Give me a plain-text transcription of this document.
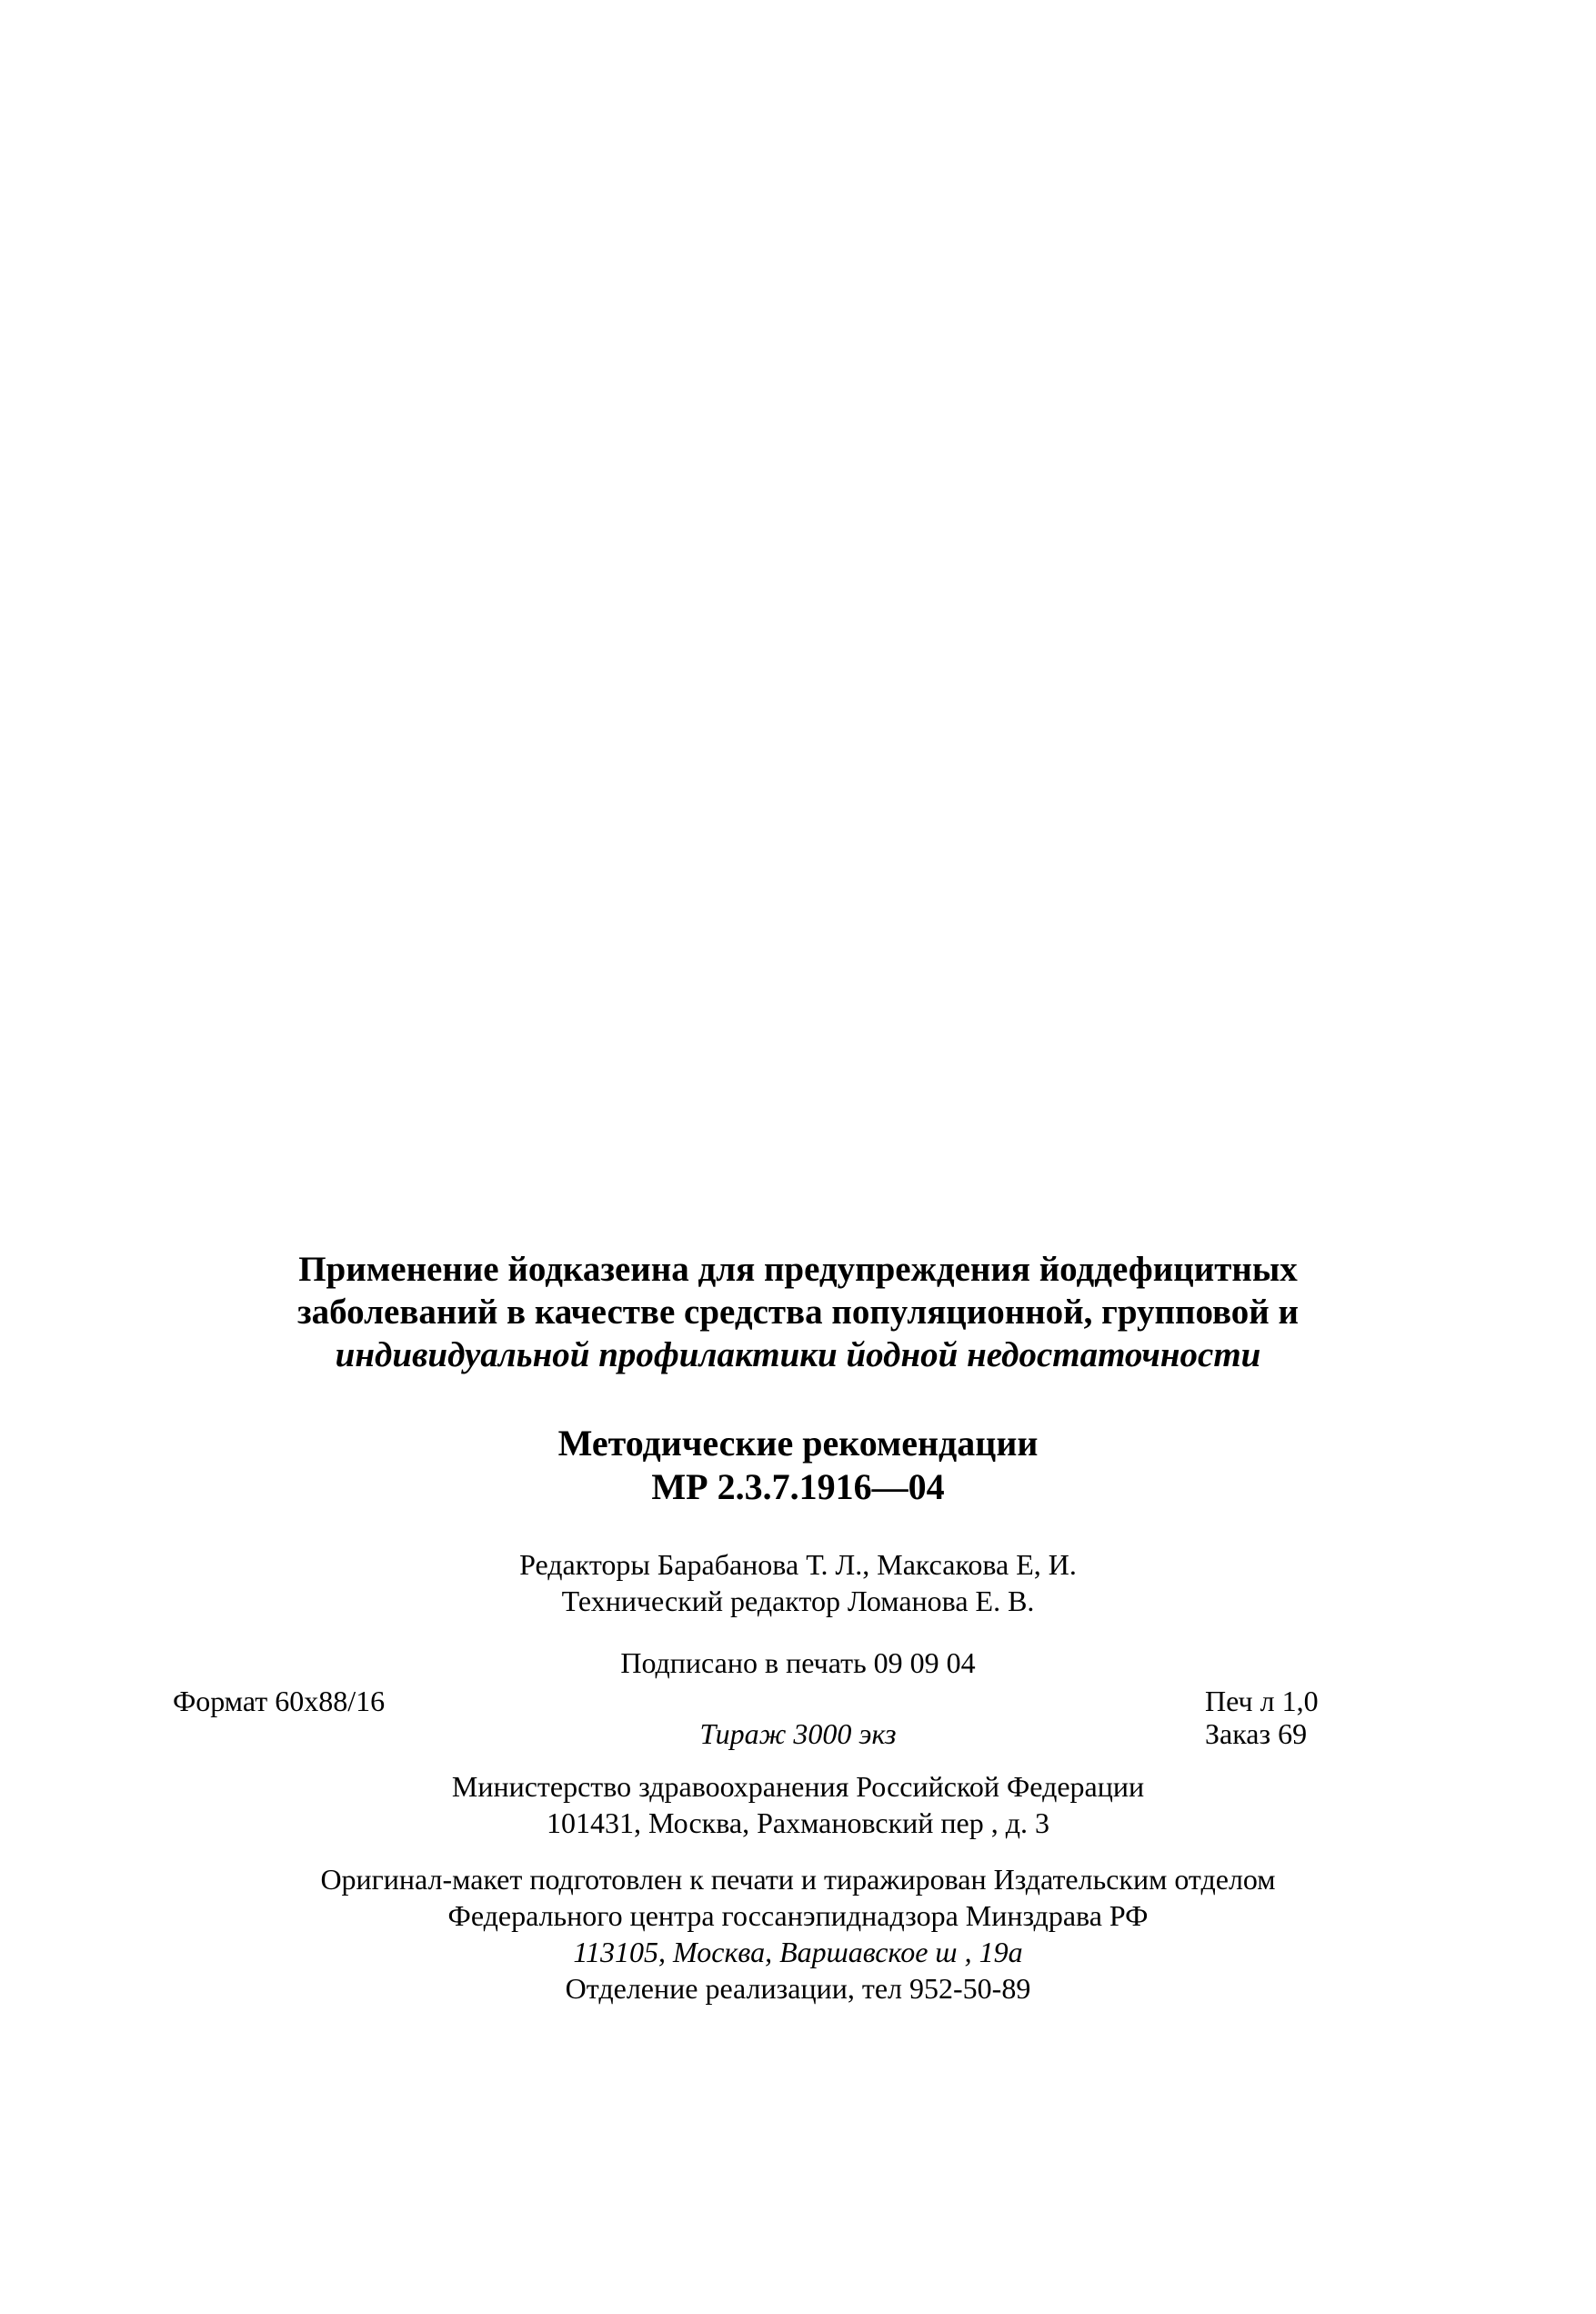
Применение йодказеина для предупреждения йоддефицитных
заболеваний в качестве средства популяционной, групповой и
индивидуальной профилактики йодной недостаточности
Методические рекомендации
МР 2.3.7.1916—04
Редакторы Барабанова Т. Л., Максакова Е, И.
Технический редактор Ломанова Е. В.
Подписано в печать 09 09 04
Формат 60х88/16	Печ л 1,0
Тираж 3000 экз	Заказ 69
Министерство здравоохранения Российской Федерации
101431, Москва, Рахмановский пер , д. 3
Оригинал-макет подготовлен к печати и тиражирован Издательским отделом
Федерального центра госсанэпиднадзора Минздрава РФ
113105, Москва, Варшавское ш , 19а
Отделение реализации, тел 952-50-89
